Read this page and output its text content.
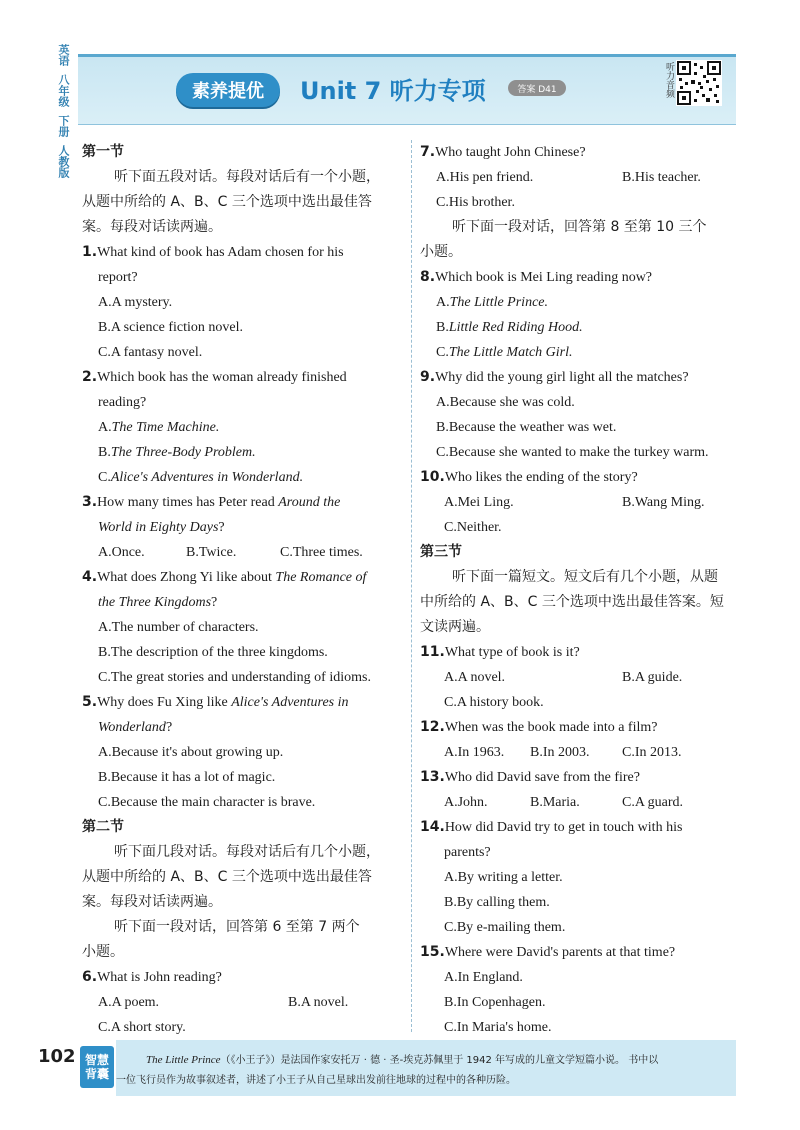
英语
八年级
下册
人教版
素养提优	Unit 7 听力专项	答案 D41	听力音频
第一节
听下面五段对话。每段对话后有一个小题，
从题中所给的 A、B、C 三个选项中选出最佳答
案。每段对话读两遍。
1.What kind of book has Adam chosen for his
report?
A.A mystery.
B.A science fiction novel.
C.A fantasy novel.
2.Which book has the woman already finished
reading?
A.The Time Machine.
B.The Three-Body Problem.
C.Alice's Adventures in Wonderland.
3.How many times has Peter read Around the
World in Eighty Days?
A.Once.	B.Twice.	C.Three times.
4.What does Zhong Yi like about The Romance of
the Three Kingdoms?
A.The number of characters.
B.The description of the three kingdoms.
C.The great stories and understanding of idioms.
5.Why does Fu Xing like Alice's Adventures in
Wonderland?
A.Because it's about growing up.
B.Because it has a lot of magic.
C.Because the main character is brave.
第二节
听下面几段对话。每段对话后有几个小题，
从题中所给的 A、B、C 三个选项中选出最佳答
案。每段对话读两遍。
听下面一段对话，回答第 6 至第 7 两个
小题。
6.What is John reading?
A.A poem.	B.A novel.
C.A short story.
7.Who taught John Chinese?
A.His pen friend.	B.His teacher.
C.His brother.
听下面一段对话，回答第 8 至第 10 三个
小题。
8.Which book is Mei Ling reading now?
A.The Little Prince.
B.Little Red Riding Hood.
C.The Little Match Girl.
9.Why did the young girl light all the matches?
A.Because she was cold.
B.Because the weather was wet.
C.Because she wanted to make the turkey warm.
10.Who likes the ending of the story?
A.Mei Ling.	B.Wang Ming.
C.Neither.
第三节
听下面一篇短文。短文后有几个小题，从题
中所给的 A、B、C 三个选项中选出最佳答案。短
文读两遍。
11.What type of book is it?
A.A novel.	B.A guide.
C.A history book.
12.When was the book made into a film?
A.In 1963.	B.In 2003.	C.In 2013.
13.Who did David save from the fire?
A.John.	B.Maria.	C.A guard.
14.How did David try to get in touch with his
parents?
A.By writing a letter.
B.By calling them.
C.By e-mailing them.
15.Where were David's parents at that time?
A.In England.
B.In Copenhagen.
C.In Maria's home.
102 智慧背囊
The Little Prince（《小王子》）是法国作家安托万 · 德 · 圣-埃克苏佩里于 1942 年写成的儿童文学短篇小说。 书中以
一位飞行员作为故事叙述者，讲述了小王子从自己星球出发前往地球的过程中的各种历险。
